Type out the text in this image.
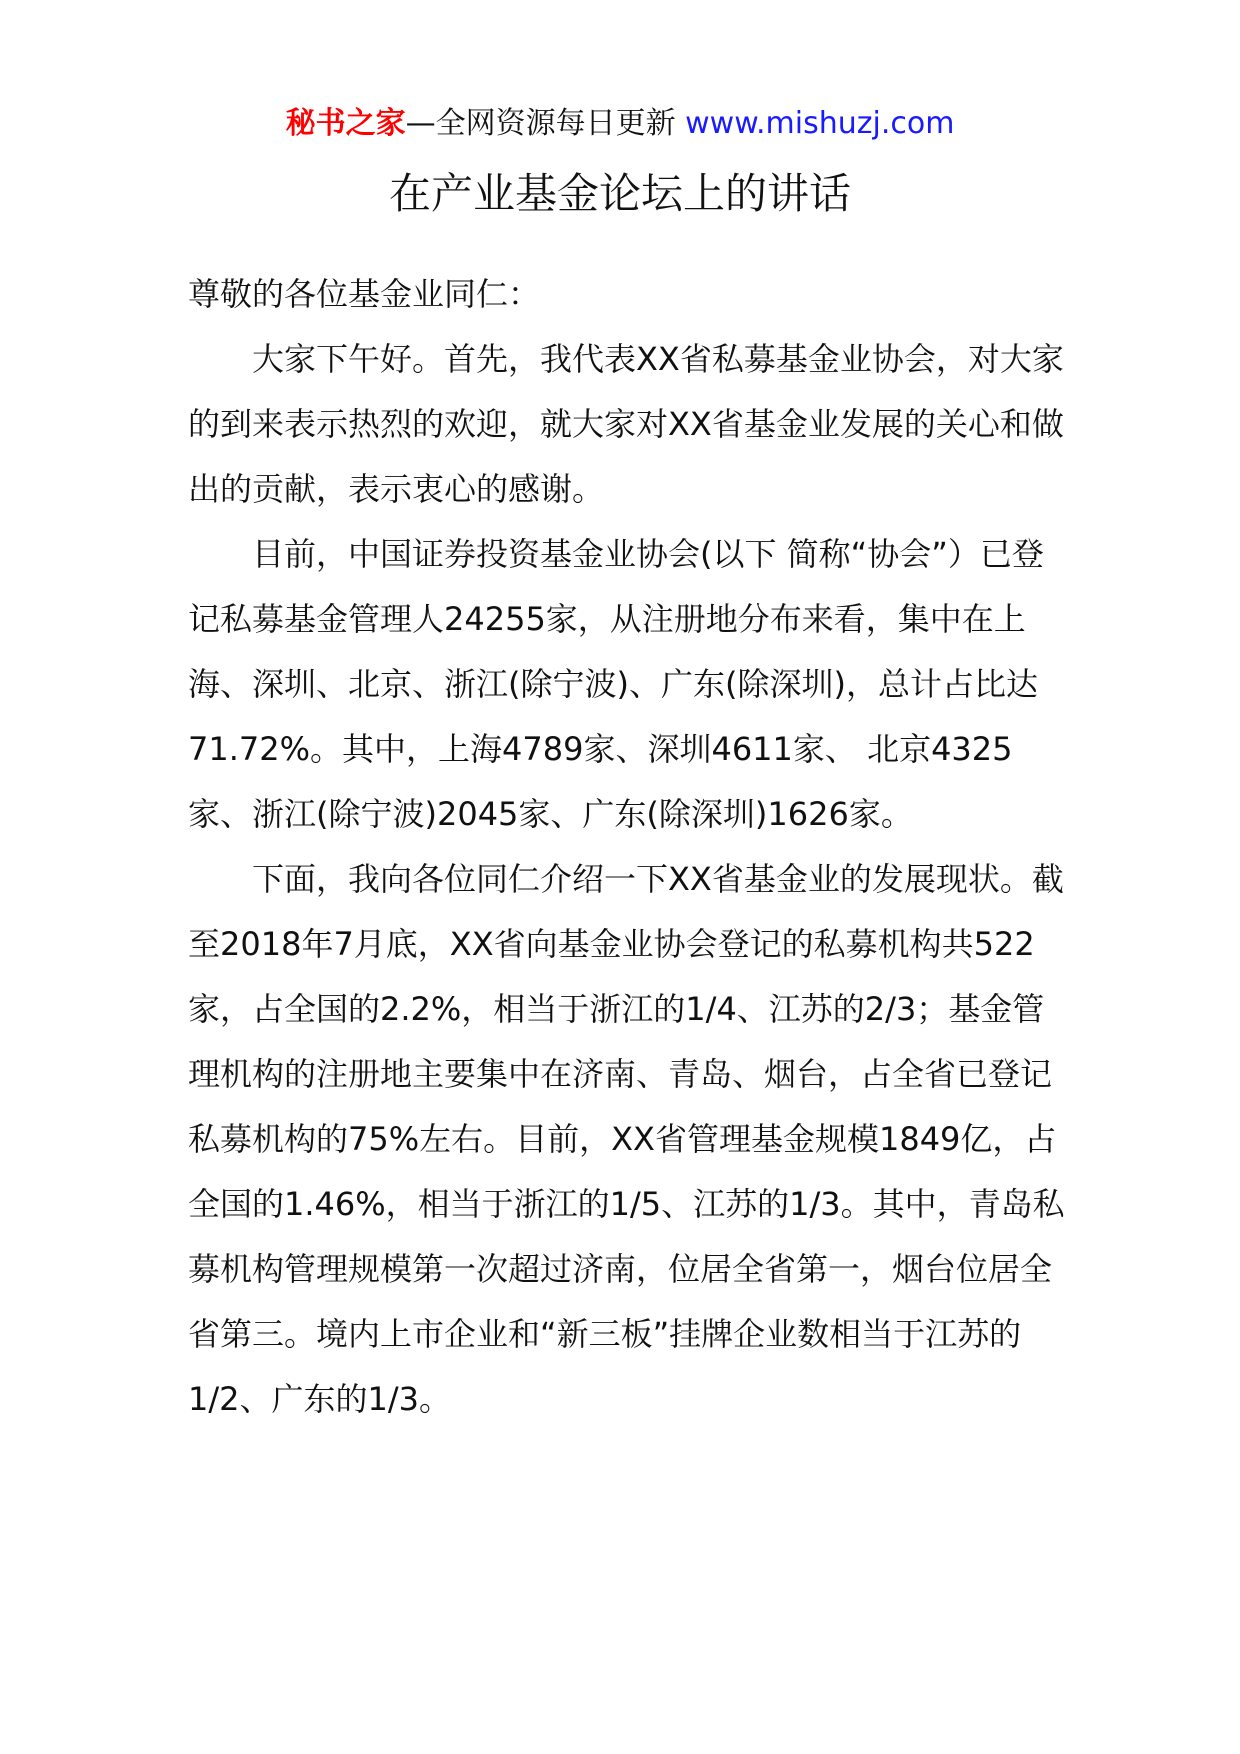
秘书之家—全网资源每日更新 www.mishuzj.com
在产业基金论坛上的讲话

尊敬的各位基金业同仁：

大家下午好。首先，我代表XX省私募基金业协会，对大家的到来表示热烈的欢迎，就大家对XX省基金业发展的关心和做出的贡献，表示衷心的感谢。

目前，中国证券投资基金业协会(以下 简称“协会”）已登记私募基金管理人24255家，从注册地分布来看，集中在上海、深圳、北京、浙江(除宁波)、广东(除深圳)，总计占比达71.72%。其中，上海4789家、深圳4611家、 北京4325家、浙江(除宁波)2045家、广东(除深圳)1626家。

下面，我向各位同仁介绍一下XX省基金业的发展现状。截至2018年7月底，XX省向基金业协会登记的私募机构共522家，占全国的2.2%，相当于浙江的1/4、江苏的2/3；基金管理机构的注册地主要集中在济南、青岛、烟台，占全省已登记私募机构的75%左右。目前，XX省管理基金规模1849亿，占全国的1.46%，相当于浙江的1/5、江苏的1/3。其中，青岛私募机构管理规模第一次超过济南，位居全省第一，烟台位居全省第三。境内上市企业和“新三板”挂牌企业数相当于江苏的1/2、广东的1/3。
